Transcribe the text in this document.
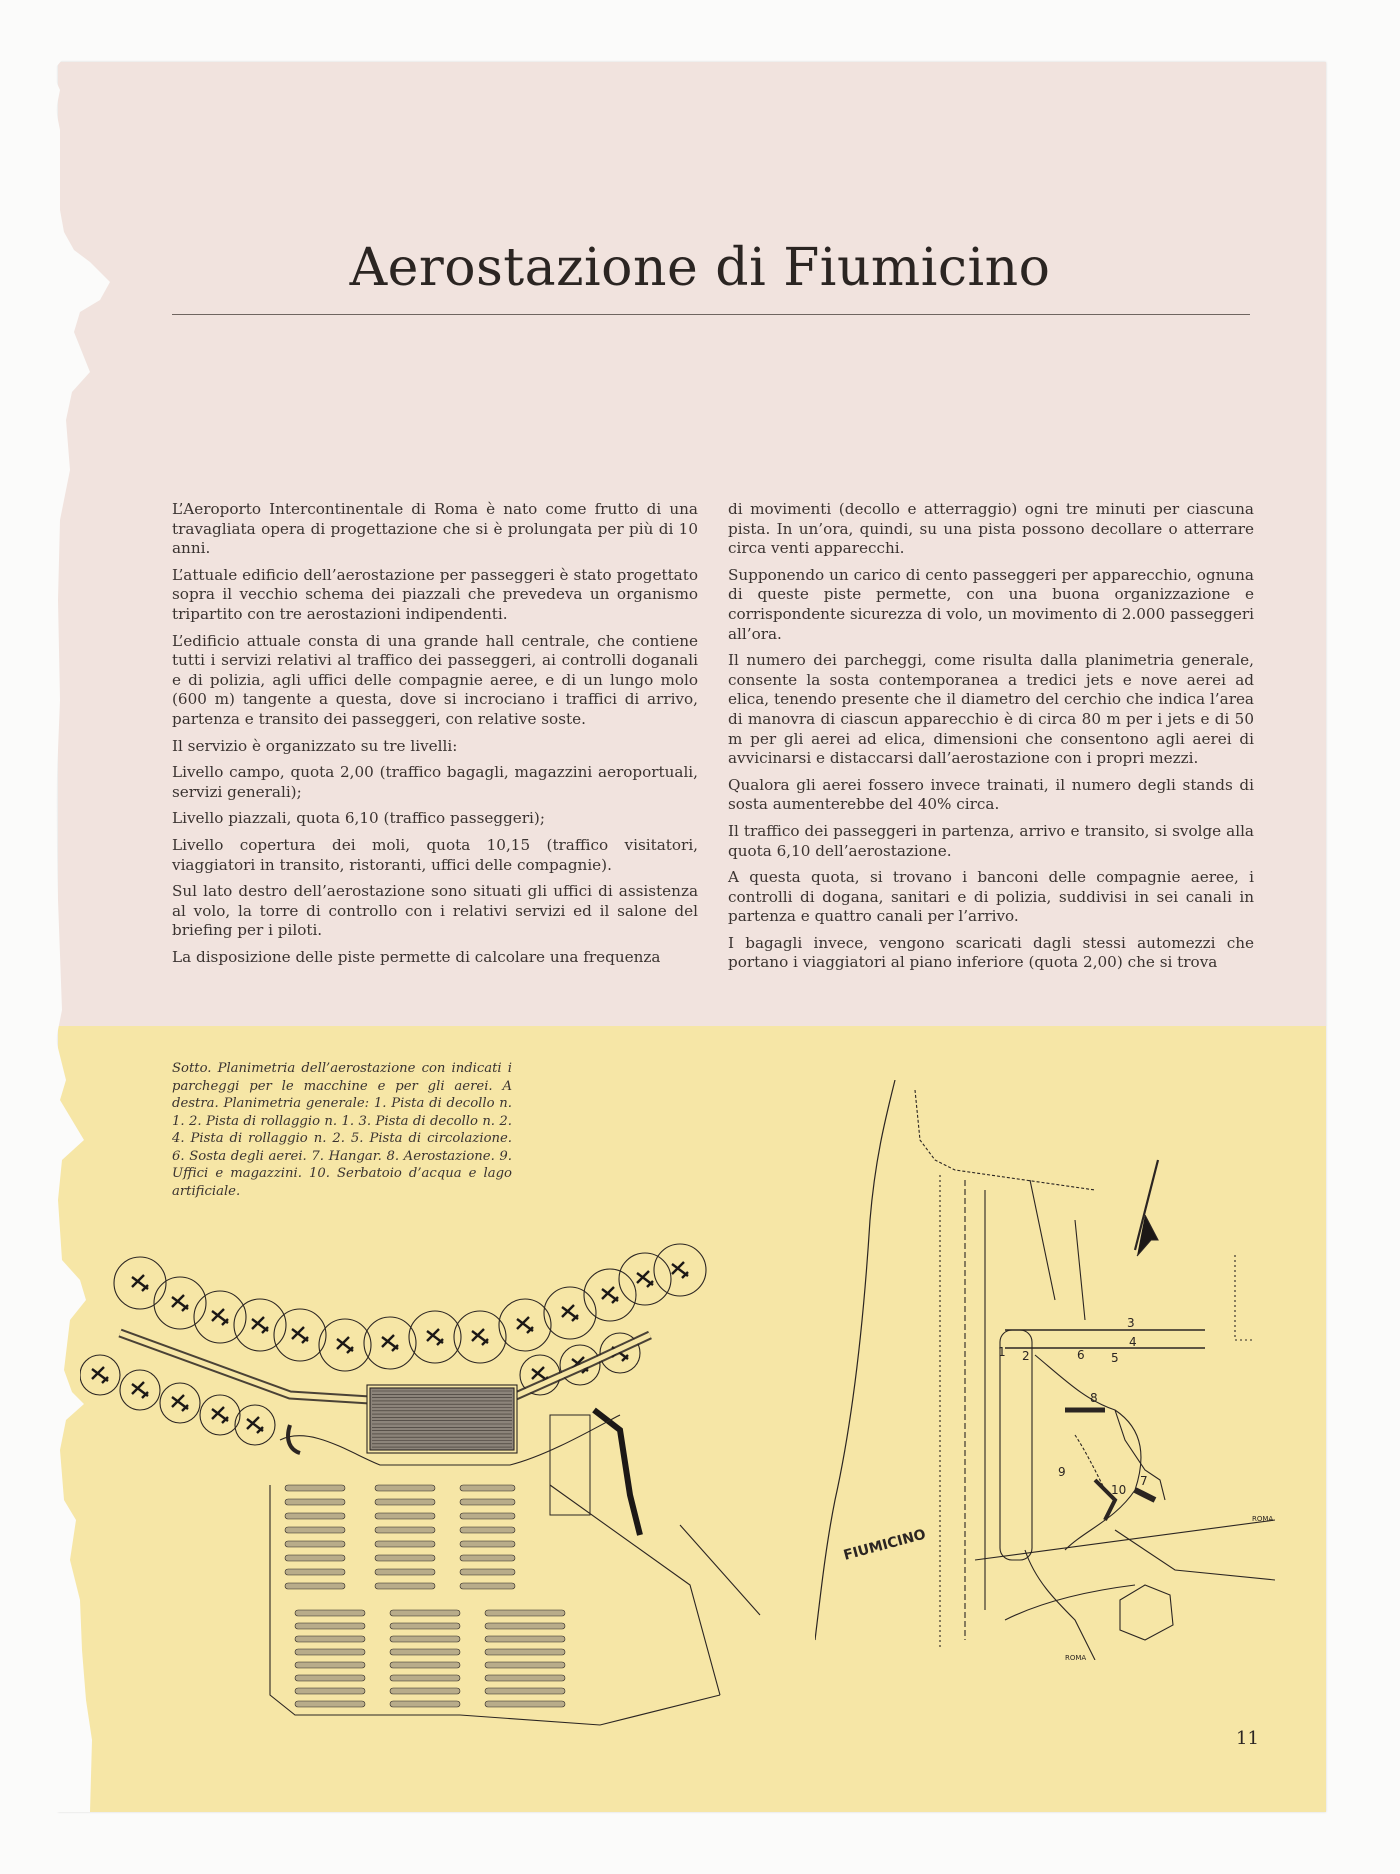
Aerostazione di Fiumicino

L’Aeroporto Intercontinentale di Roma è nato come frutto di una travagliata opera di progettazione che si è prolungata per più di 10 anni.

L’attuale edificio dell’aerostazione per passeggeri è stato progettato sopra il vecchio schema dei piazzali che prevedeva un organismo tripartito con tre aerostazioni indipendenti.

L’edificio attuale consta di una grande hall centrale, che contiene tutti i servizi relativi al traffico dei passeggeri, ai controlli doganali e di polizia, agli uffici delle compagnie aeree, e di un lungo molo (600 m) tangente a questa, dove si incrociano i traffici di arrivo, partenza e transito dei passeggeri, con relative soste.

Il servizio è organizzato su tre livelli:

Livello campo, quota 2,00 (traffico bagagli, magazzini aeroportuali, servizi generali);

Livello piazzali, quota 6,10 (traffico passeggeri);

Livello copertura dei moli, quota 10,15 (traffico visitatori, viaggiatori in transito, ristoranti, uffici delle compagnie).

Sul lato destro dell’aerostazione sono situati gli uffici di assistenza al volo, la torre di controllo con i relativi servizi ed il salone del briefing per i piloti.

La disposizione delle piste permette di calcolare una frequenza

di movimenti (decollo e atterraggio) ogni tre minuti per ciascuna pista. In un’ora, quindi, su una pista possono decollare o atterrare circa venti apparecchi.

Supponendo un carico di cento passeggeri per apparecchio, ognuna di queste piste permette, con una buona organizzazione e corrispondente sicurezza di volo, un movimento di 2.000 passeggeri all’ora.

Il numero dei parcheggi, come risulta dalla planimetria generale, consente la sosta contemporanea a tredici jets e nove aerei ad elica, tenendo presente che il diametro del cerchio che indica l’area di manovra di ciascun apparecchio è di circa 80 m per i jets e di 50 m per gli aerei ad elica, dimensioni che consentono agli aerei di avvicinarsi e distaccarsi dall’aerostazione con i propri mezzi.

Qualora gli aerei fossero invece trainati, il numero degli stands di sosta aumenterebbe del 40% circa.

Il traffico dei passeggeri in partenza, arrivo e transito, si svolge alla quota 6,10 dell’aerostazione.

A questa quota, si trovano i banconi delle compagnie aeree, i controlli di dogana, sanitari e di polizia, suddivisi in sei canali in partenza e quattro canali per l’arrivo.

I bagagli invece, vengono scaricati dagli stessi automezzi che portano i viaggiatori al piano inferiore (quota 2,00) che si trova

Sotto. Planimetria dell’aerostazione con indicati i parcheggi per le macchine e per gli aerei. A destra. Planimetria generale: 1. Pista di decollo n. 1. 2. Pista di rollaggio n. 1. 3. Pista di decollo n. 2. 4. Pista di rollaggio n. 2. 5. Pista di circolazione. 6. Sosta degli aerei. 7. Hangar. 8. Aerostazione. 9. Uffici e magazzini. 10. Serbatoio d’acqua e lago artificiale.
3
4
5
6
1 2
8
7
9
10
ROMA
ROMA
FIUMICINO
11
